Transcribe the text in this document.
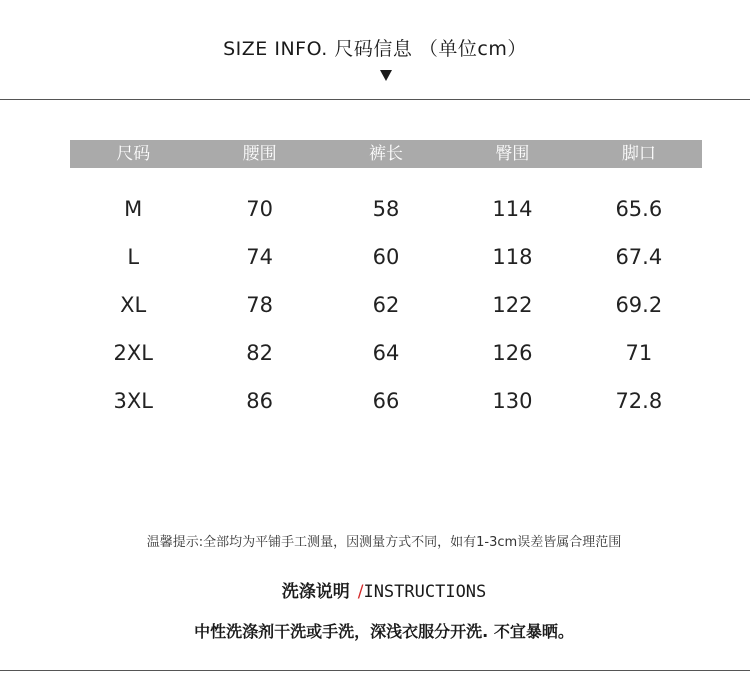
SIZE INFO. 尺码信息 （单位cm）
尺码	腰围	裤长	臀围	脚口
M	70	58	114	65.6
L	74	60	118	67.4
XL	78	62	122	69.2
2XL	82	64	126	71
3XL	86	66	130	72.8
温馨提示:全部均为平铺手工测量，因测量方式不同，如有1-3cm误差皆属合理范围
洗涤说明 /INSTRUCTIONS
中性洗涤剂干洗或手洗，深浅衣服分开洗. 不宜暴晒。
